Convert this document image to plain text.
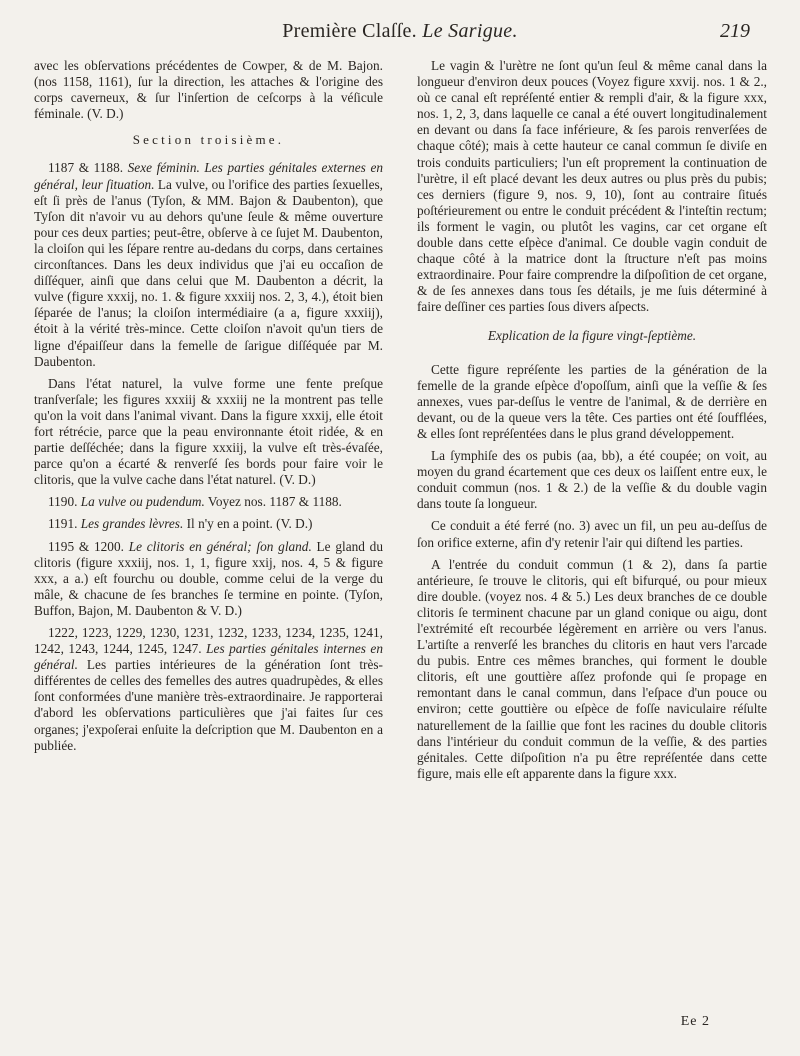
Première Claſſe. Le Sarigue.	219

avec les obſervations précédentes de Cowper, & de M. Bajon. (nos 1158, 1161), ſur la direction, les attaches & l'origine des corps caverneux, & ſur l'inſertion de ceſcorps à la véſicule féminale. (V. D.)

Section troisième.

1187 & 1188. Sexe féminin. Les parties génitales externes en général, leur ſituation. La vulve, ou l'orifice des parties ſexuelles, eſt ſi près de l'anus (Tyſon, & MM. Bajon & Daubenton), que Tyſon dit n'avoir vu au dehors qu'une ſeule & même ouverture pour ces deux parties; peut-être, obſerve à ce ſujet M. Daubenton, la cloiſon qui les ſépare rentre au-dedans du corps, dans certaines circonſtances. Dans les deux individus que j'ai eu occaſion de diſſéquer, ainſi que dans celui que M. Daubenton a décrit, la vulve (figure xxxij, no. 1. & figure xxxiij nos. 2, 3, 4.), étoit bien ſéparée de l'anus; la cloiſon intermédiaire (a a, figure xxxiij), étoit à la vérité très-mince. Cette cloiſon n'avoit qu'un tiers de ligne d'épaiſſeur dans la femelle de ſarigue diſſéquée par M. Daubenton.

Dans l'état naturel, la vulve forme une fente preſque tranſverſale; les figures xxxiij & xxxiij ne la montrent pas telle qu'on la voit dans l'animal vivant. Dans la figure xxxij, elle étoit fort rétrécie, parce que la peau environnante étoit ridée, & en partie deſſéchée; dans la figure xxxiij, la vulve eſt très-évaſée, parce qu'on a écarté & renverſé ſes bords pour faire voir le clitoris, que la vulve cache dans l'état naturel. (V. D.)

1190. La vulve ou pudendum. Voyez nos. 1187 & 1188.

1191. Les grandes lèvres. Il n'y en a point. (V. D.)

1195 & 1200. Le clitoris en général; ſon gland. Le gland du clitoris (figure xxxiij, nos. 1, 1, figure xxij, nos. 4, 5 & figure xxx, a a.) eſt fourchu ou double, comme celui de la verge du mâle, & chacune de ſes branches ſe termine en pointe. (Tyſon, Buffon, Bajon, M. Daubenton & V. D.)

1222, 1223, 1229, 1230, 1231, 1232, 1233, 1234, 1235, 1241, 1242, 1243, 1244, 1245, 1247. Les parties génitales internes en général. Les parties intérieures de la génération ſont très-différentes de celles des femelles des autres quadrupèdes, & elles ſont conformées d'une manière très-extraordinaire. Je rapporterai d'abord les obſervations particulières que j'ai faites ſur ces organes; j'expoſerai enſuite la deſcription que M. Daubenton en a publiée.

Le vagin & l'urètre ne ſont qu'un ſeul & même canal dans la longueur d'environ deux pouces (Voyez figure xxvij. nos. 1 & 2., où ce canal eſt repréſenté entier & rempli d'air, & la figure xxx, nos. 1, 2, 3, dans laquelle ce canal a été ouvert longitudinalement en devant ou dans ſa face inférieure, & ſes parois renverſées de chaque côté); mais à cette hauteur ce canal commun ſe diviſe en trois conduits particuliers; l'un eſt proprement la continuation de l'urètre, il eſt placé devant les deux autres ou plus près du pubis; ces derniers (figure 9, nos. 9, 10), ſont au contraire ſitués poſtérieurement ou entre le conduit précédent & l'inteſtin rectum; ils forment le vagin, ou plutôt les vagins, car cet organe eſt double dans cette eſpèce d'animal. Ce double vagin conduit de chaque côté à la matrice dont la ſtructure n'eſt pas moins extraordinaire. Pour faire comprendre la diſpoſition de cet organe, & de ſes annexes dans tous ſes détails, je me ſuis déterminé à faire deſſiner ces parties ſous divers aſpects.

Explication de la figure vingt-ſeptième.

Cette figure repréſente les parties de la génération de la femelle de la grande eſpèce d'opoſſum, ainſi que la veſſie & ſes annexes, vues par-deſſus le ventre de l'animal, & de derrière en devant, ou de la queue vers la tête. Ces parties ont été ſoufflées, & elles ſont repréſentées dans le plus grand développement.

La ſymphiſe des os pubis (aa, bb), a été coupée; on voit, au moyen du grand écartement que ces deux os laiſſent entre eux, le conduit commun (nos. 1 & 2.) de la veſſie & du double vagin dans toute ſa longueur.

Ce conduit a été ferré (no. 3) avec un fil, un peu au-deſſus de ſon orifice externe, afin d'y retenir l'air qui diſtend les parties.

A l'entrée du conduit commun (1 & 2), dans ſa partie antérieure, ſe trouve le clitoris, qui eſt bifurqué, ou pour mieux dire double. (voyez nos. 4 & 5.) Les deux branches de ce double clitoris ſe terminent chacune par un gland conique ou aigu, dont l'extrémité eſt recourbée légèrement en arrière ou vers l'anus. L'artiſte a renverſé les branches du clitoris en haut vers l'arcade du pubis. Entre ces mêmes branches, qui forment le double clitoris, eſt une gouttière aſſez profonde qui ſe propage en remontant dans le canal commun, dans l'eſpace d'un pouce ou environ; cette gouttière ou eſpèce de foſſe naviculaire réſulte naturellement de la ſaillie que font les racines du double clitoris dans l'intérieur du conduit commun de la veſſie, & des parties génitales. Cette diſpoſition n'a pu être repréſentée dans cette figure, mais elle eſt apparente dans la figure xxx.

Ee 2
